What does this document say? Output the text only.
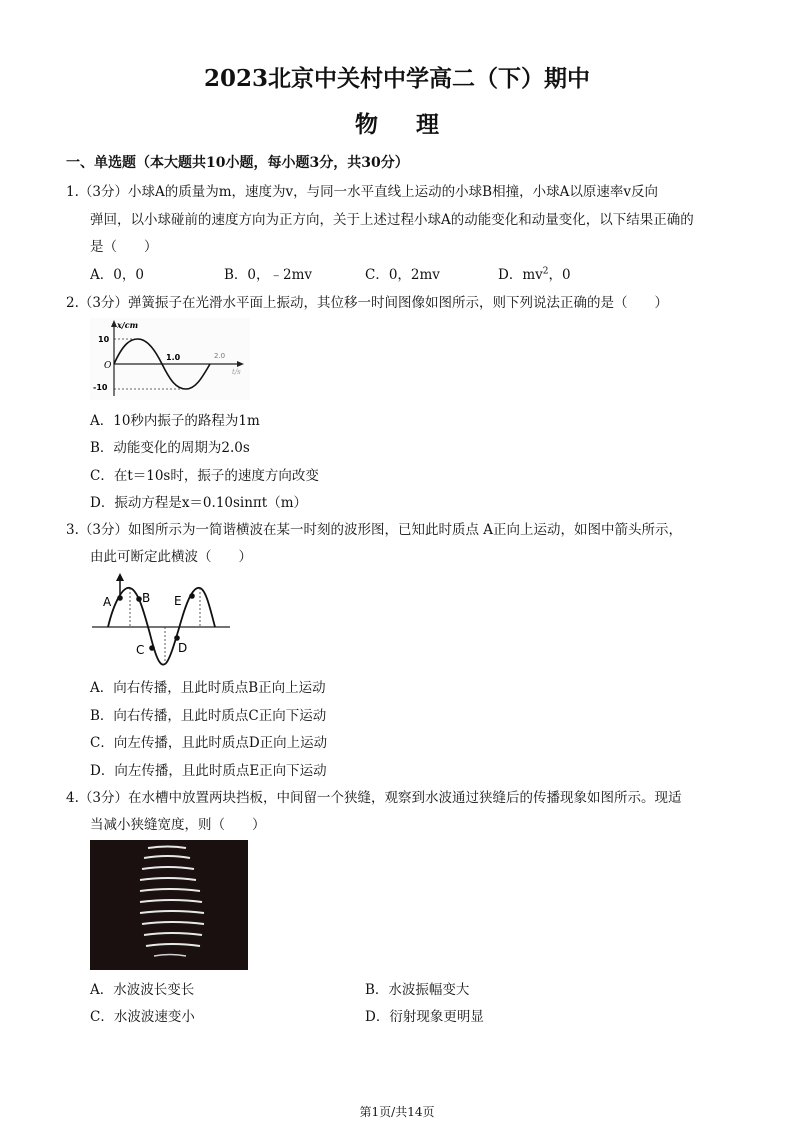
2023北京中关村中学高二（下）期中
物理
一、单选题（本大题共10小题，每小题3分，共30分）
1.（3分）小球A的质量为m，速度为v，与同一水平直线上运动的小球B相撞，小球A以原速率v反向
弹回，以小球碰前的速度方向为正方向，关于上述过程小球A的动能变化和动量变化，以下结果正确的
是（　　）
A．0，0	B．0，﹣2mv	C．0，2mv	D．$mv^2$，0
2.（3分）弹簧振子在光滑水平面上振动，其位移一时间图像如图所示，则下列说法正确的是（　　）
x/cm
t/s
10
O
-10
1.0	2.0
A．10秒内振子的路程为1m
B．动能变化的周期为2.0s
C．在t＝10s时，振子的速度方向改变
D．振动方程是x＝0.10sinπt（m）
3.（3分）如图所示为一简谐横波在某一时刻的波形图，已知此时质点 A正向上运动，如图中箭头所示，
由此可断定此横波（　　）
A	B
C	D
E
A．向右传播，且此时质点B正向上运动
B．向右传播，且此时质点C正向下运动
C．向左传播，且此时质点D正向上运动
D．向左传播，且此时质点E正向下运动
4.（3分）在水槽中放置两块挡板，中间留一个狭缝，观察到水波通过狭缝后的传播现象如图所示。现适
当减小狭缝宽度，则（　　）
A．水波波长变长	B．水波振幅变大
C．水波波速变小	D．衍射现象更明显
第1页/共14页
